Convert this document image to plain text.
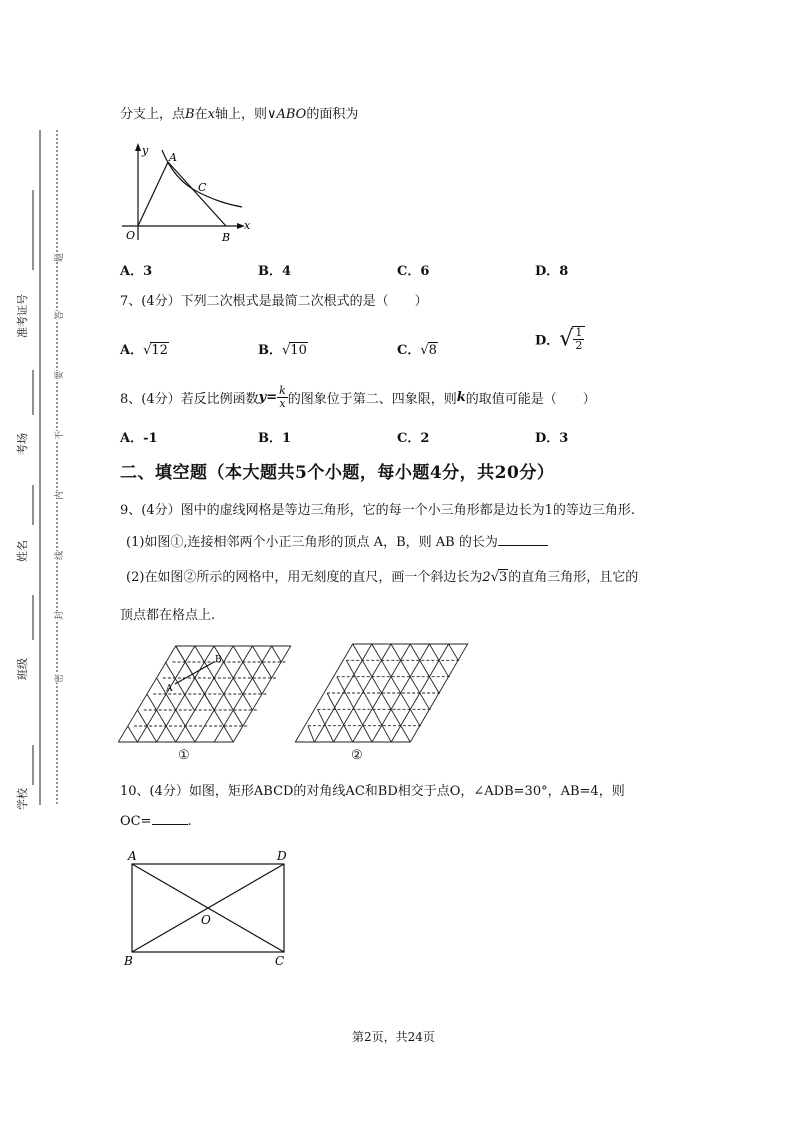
学校
班级
姓名
考场
准考证号
密
封
线
内
不
要
答
题
分支上，点B在x轴上，则∨ABO的面积为
y
A
C
O	B
x
A．3	B．4	C．6	D．8
7、(4分）下列二次根式是最简二次根式的是（　　）
A．√12	B．√10	C．√8
D．√ $\frac{1}{2}$
8、(4分）若反比例函数$y= \frac{k}{x}$ 的图象位于第二、四象限，则k的取值可能是（　　）
A．-1	B．1	C．2	D．3
二、填空题（本大题共5个小题，每小题4分，共20分）
9、(4分）图中的虚线网格是等边三角形，它的每一个小三角形都是边长为1的等边三角形.
(1)如图①,连接相邻两个小正三角形的顶点 A，B，则 AB 的长为
(2)在如图②所示的网格中，用无刻度的直尺，画一个斜边长为2√3的直角三角形，且它的
顶点都在格点上.
A
B
①	②
10、(4分）如图，矩形ABCD的对角线AC和BD相交于点O，∠ADB=30°，AB=4，则
OC=	.
A	D
O
B	C
第2页，共24页
